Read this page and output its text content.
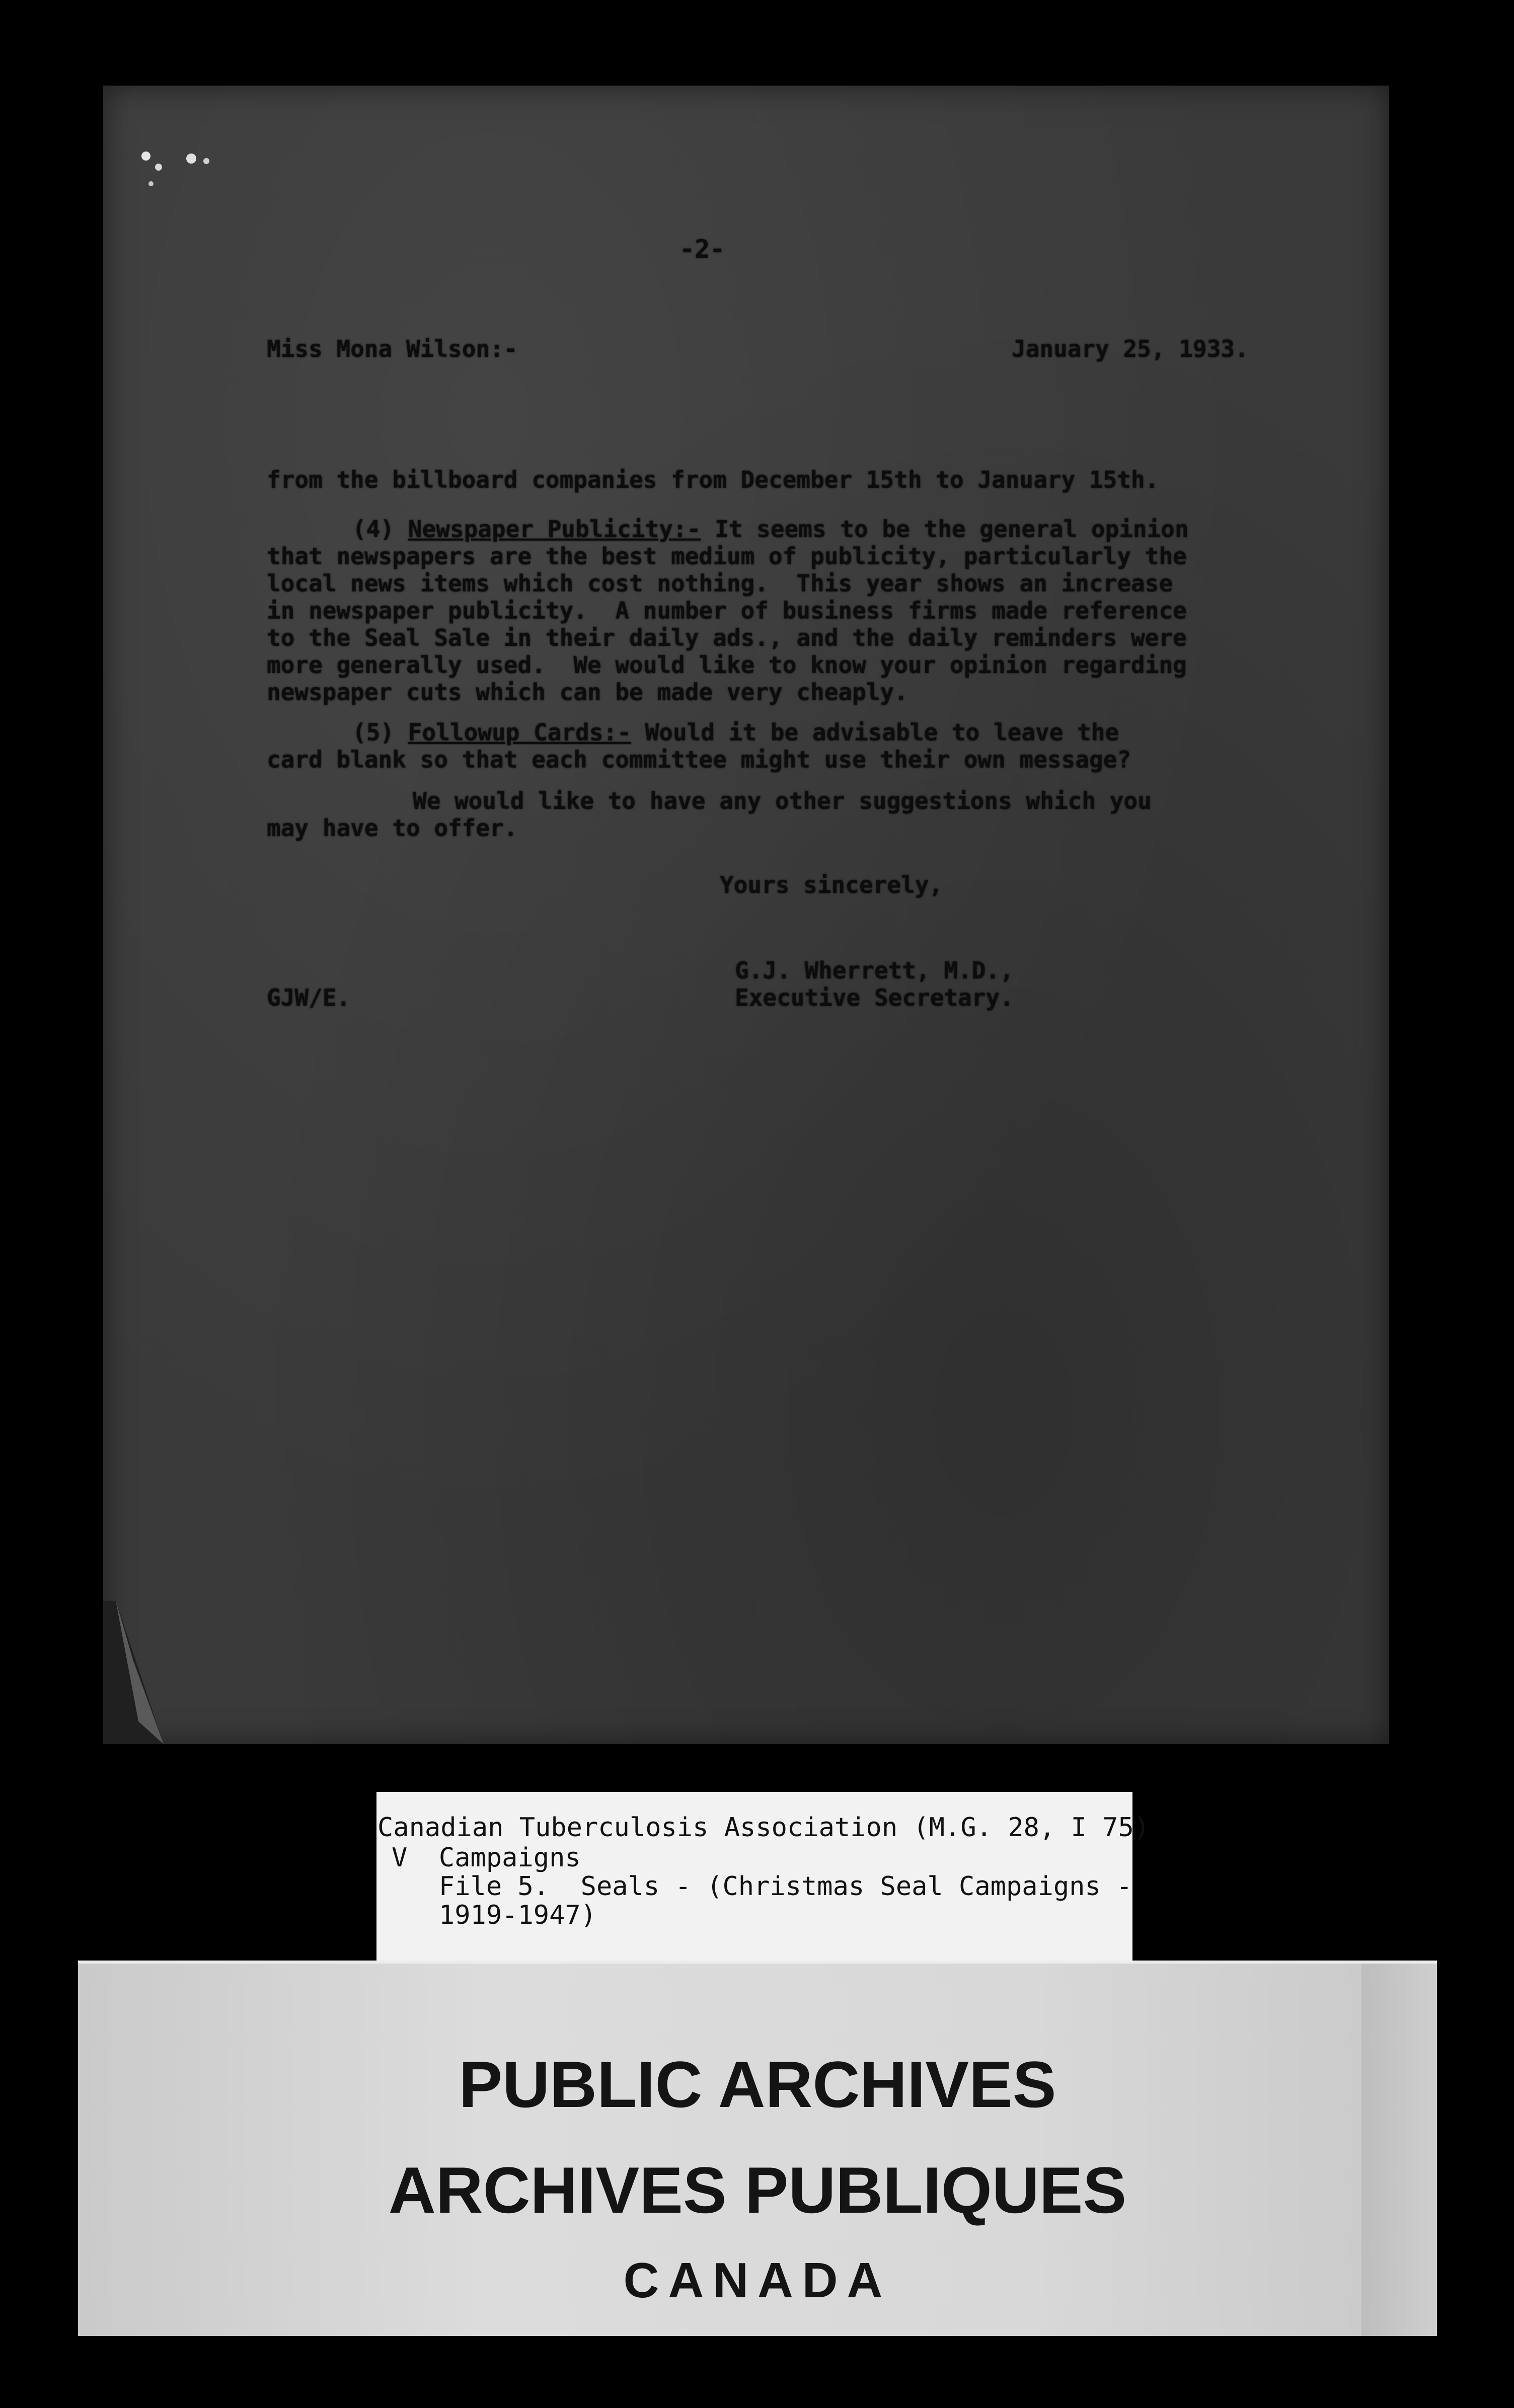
-2-

Miss Mona Wilson:-	January 25, 1933.

from the billboard companies from December 15th to January 15th.

(4) Newspaper Publicity:- It seems to be the general opinion

that newspapers are the best medium of publicity, particularly the

local news items which cost nothing.  This year shows an increase

in newspaper publicity.  A number of business firms made reference

to the Seal Sale in their daily ads., and the daily reminders were

more generally used.  We would like to know your opinion regarding

newspaper cuts which can be made very cheaply.

(5) Followup Cards:- Would it be advisable to leave the

card blank so that each committee might use their own message?

We would like to have any other suggestions which you

may have to offer.

Yours sincerely,

G.J. Wherrett, M.D.,

Executive Secretary.

GJW/E.

Canadian Tuberculosis Association (M.G. 28, I 75)

V  Campaigns

File 5.  Seals - (Christmas Seal Campaigns -

1919-1947)

PUBLIC ARCHIVES

ARCHIVES PUBLIQUES

CANADA
